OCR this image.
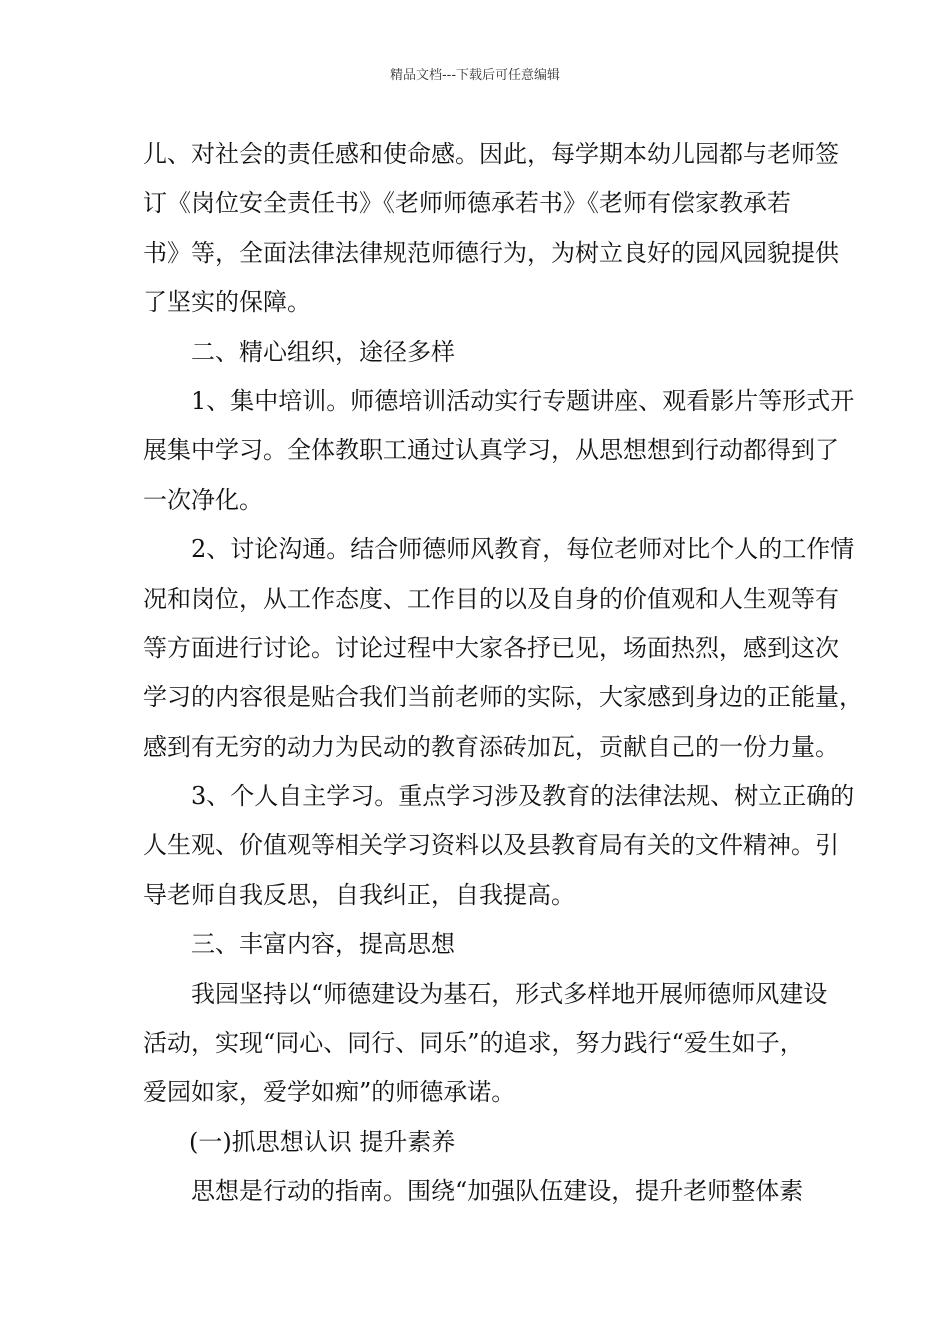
精品文档---下载后可任意编辑
儿、对社会的责任感和使命感。因此，每学期本幼儿园都与老师签
订《岗位安全责任书》《老师师德承若书》《老师有偿家教承若
书》等，全面法律法律规范师德行为，为树立良好的园风园貌提供
了坚实的保障。
二、精心组织，途径多样
1、集中培训。师德培训活动实行专题讲座、观看影片等形式开
展集中学习。全体教职工通过认真学习，从思想想到行动都得到了
一次净化。
2、讨论沟通。结合师德师风教育，每位老师对比个人的工作情
况和岗位，从工作态度、工作目的以及自身的价值观和人生观等有
等方面进行讨论。讨论过程中大家各抒已见，场面热烈，感到这次
学习的内容很是贴合我们当前老师的实际，大家感到身边的正能量，
感到有无穷的动力为民动的教育添砖加瓦，贡献自己的一份力量。
3、个人自主学习。重点学习涉及教育的法律法规、树立正确的
人生观、价值观等相关学习资料以及县教育局有关的文件精神。引
导老师自我反思，自我纠正，自我提高。
三、丰富内容，提高思想
我园坚持以“师德建设为基石，形式多样地开展师德师风建设
活动，实现“同心、同行、同乐”的追求，努力践行“爱生如子，
爱园如家，爱学如痴”的师德承诺。
(一)抓思想认识 提升素养
思想是行动的指南。围绕“加强队伍建设，提升老师整体素
